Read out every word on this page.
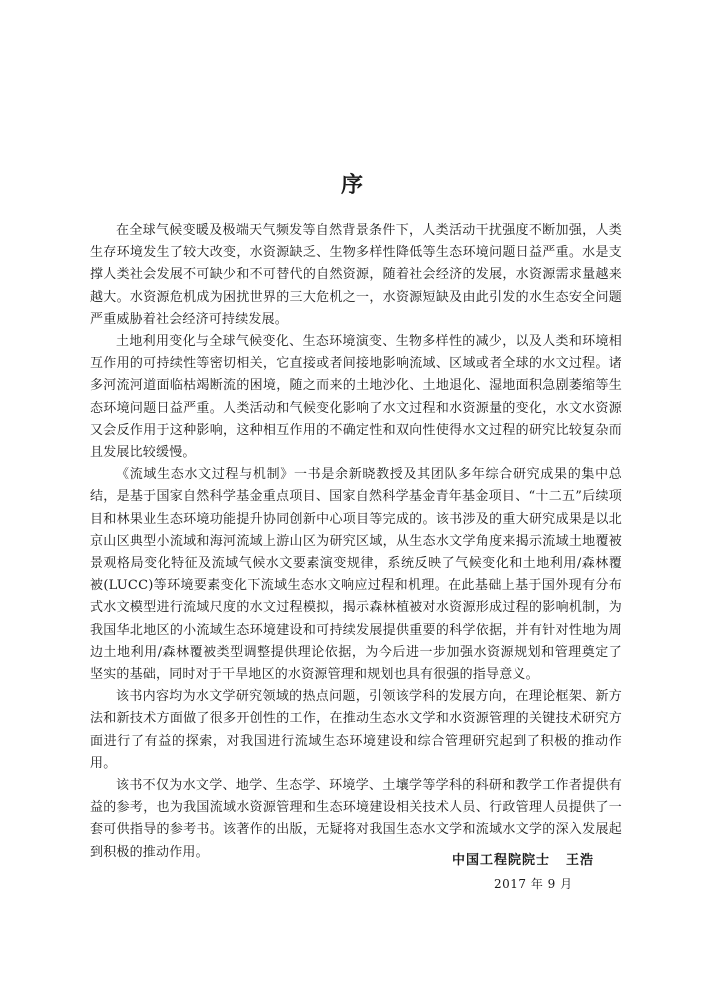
序

在全球气候变暖及极端天气频发等自然背景条件下，人类活动干扰强度不断加强，人类生存环境发生了较大改变，水资源缺乏、生物多样性降低等生态环境问题日益严重。水是支撑人类社会发展不可缺少和不可替代的自然资源，随着社会经济的发展，水资源需求量越来越大。水资源危机成为困扰世界的三大危机之一，水资源短缺及由此引发的水生态安全问题严重威胁着社会经济可持续发展。

土地利用变化与全球气候变化、生态环境演变、生物多样性的减少，以及人类和环境相互作用的可持续性等密切相关，它直接或者间接地影响流域、区域或者全球的水文过程。诸多河流河道面临枯竭断流的困境，随之而来的土地沙化、土地退化、湿地面积急剧萎缩等生态环境问题日益严重。人类活动和气候变化影响了水文过程和水资源量的变化，水文水资源又会反作用于这种影响，这种相互作用的不确定性和双向性使得水文过程的研究比较复杂而且发展比较缓慢。

《流域生态水文过程与机制》一书是余新晓教授及其团队多年综合研究成果的集中总结，是基于国家自然科学基金重点项目、国家自然科学基金青年基金项目、“十二五”后续项目和林果业生态环境功能提升协同创新中心项目等完成的。该书涉及的重大研究成果是以北京山区典型小流域和海河流域上游山区为研究区域，从生态水文学角度来揭示流域土地覆被景观格局变化特征及流域气候水文要素演变规律，系统反映了气候变化和土地利用/森林覆被(LUCC)等环境要素变化下流域生态水文响应过程和机理。在此基础上基于国外现有分布式水文模型进行流域尺度的水文过程模拟，揭示森林植被对水资源形成过程的影响机制，为我国华北地区的小流域生态环境建设和可持续发展提供重要的科学依据，并有针对性地为周边土地利用/森林覆被类型调整提供理论依据，为今后进一步加强水资源规划和管理奠定了坚实的基础，同时对于干旱地区的水资源管理和规划也具有很强的指导意义。

该书内容均为水文学研究领域的热点问题，引领该学科的发展方向，在理论框架、新方法和新技术方面做了很多开创性的工作，在推动生态水文学和水资源管理的关键技术研究方面进行了有益的探索，对我国进行流域生态环境建设和综合管理研究起到了积极的推动作用。

该书不仅为水文学、地学、生态学、环境学、土壤学等学科的科研和教学工作者提供有益的参考，也为我国流域水资源管理和生态环境建设相关技术人员、行政管理人员提供了一套可供指导的参考书。该著作的出版，无疑将对我国生态水文学和流域水文学的深入发展起到积极的推动作用。

中国工程院院士 王浩
2017 年 9 月
